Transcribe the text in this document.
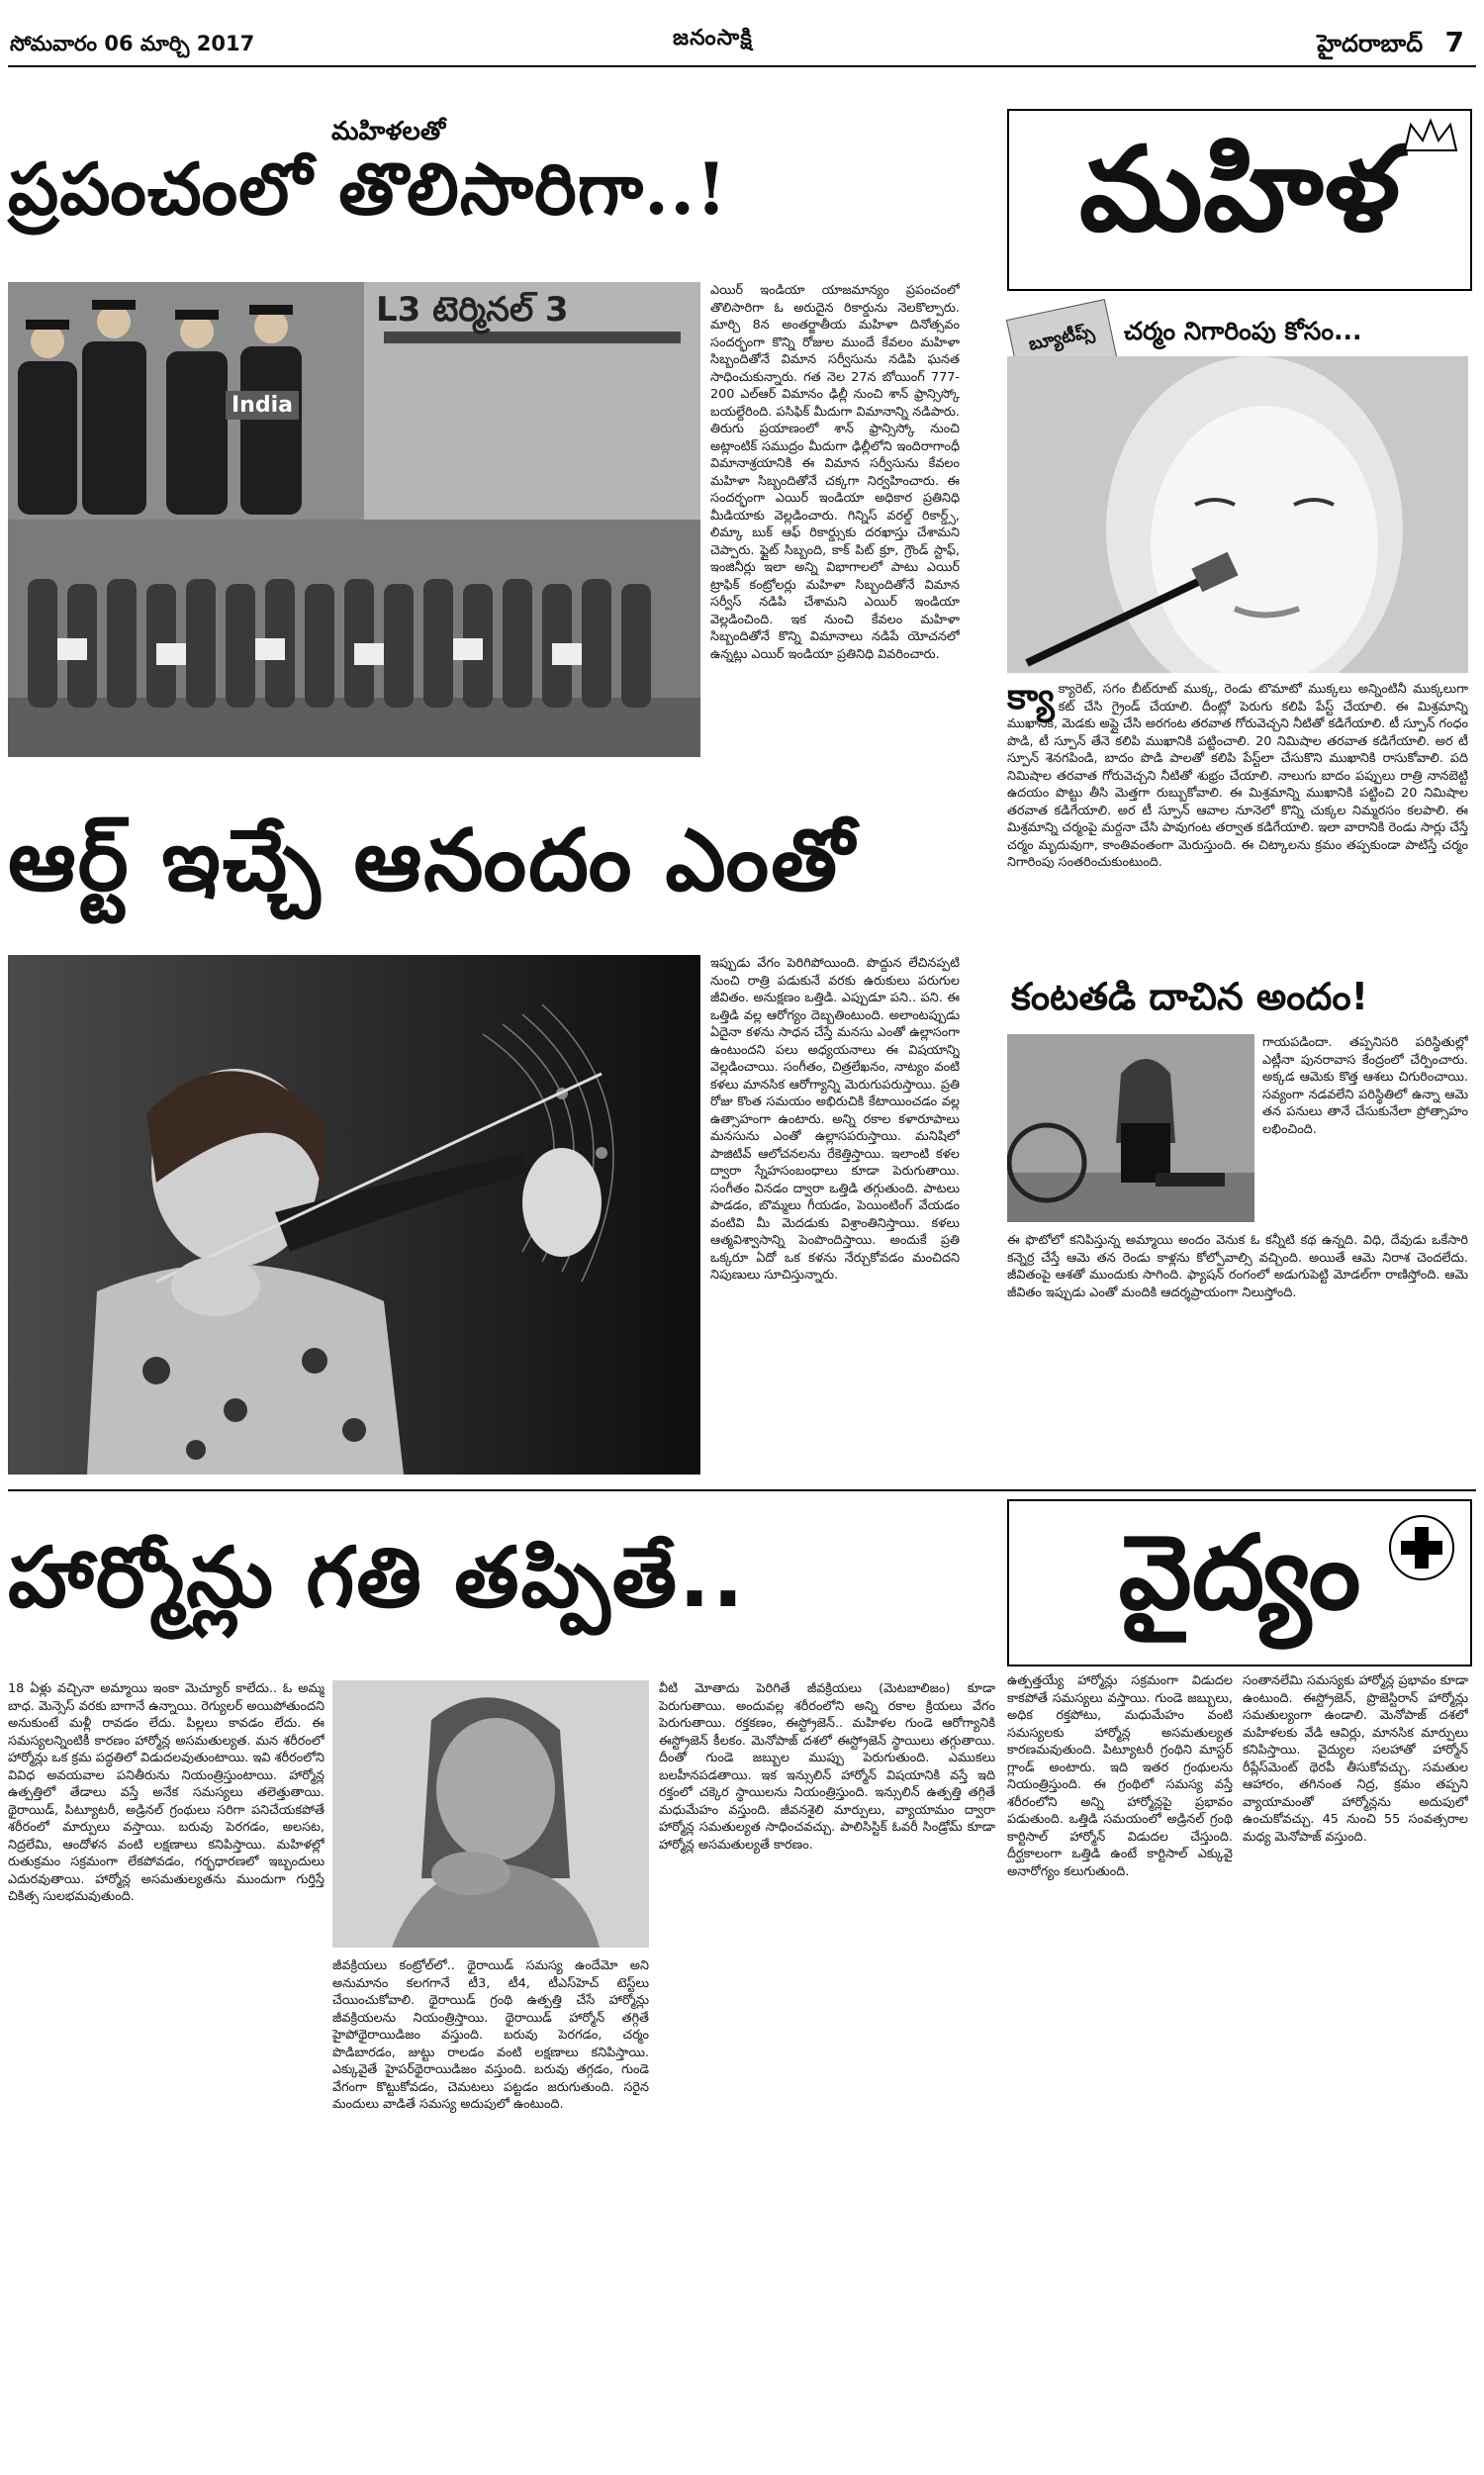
సోమవారం 06 మార్చి 2017	జనంసాక్షి	హైదరాబాద్ 7
మహిళలతో
ప్రపంచంలో తొలిసారిగా..!
L3 టెర్మినల్ 3
India
ఎయిర్ ఇండియా యాజమాన్యం ప్రపంచంలో తొలిసారిగా ఓ అరుదైన రికార్డును నెలకొల్పారు. మార్చి 8న అంతర్జాతీయ మహిళా దినోత్సవం సందర్భంగా కొన్ని రోజుల ముందే కేవలం మహిళా సిబ్బందితోనే విమాన సర్వీసును నడిపి ఘనత సాధించుకున్నారు. గత నెల 27న బోయింగ్ 777-200 ఎల్ఆర్ విమానం ఢిల్లీ నుంచి శాన్ ఫ్రాన్సిస్కో బయల్దేరింది. పసిఫిక్ మీదుగా విమానాన్ని నడిపారు. తిరుగు ప్రయాణంలో శాన్ ఫ్రాన్సిస్కో నుంచి అట్లాంటిక్ సముద్రం మీదుగా ఢిల్లీలోని ఇందిరాగాంధీ విమానాశ్రయానికి ఈ విమాన సర్వీసును కేవలం మహిళా సిబ్బందితోనే చక్కగా నిర్వహించారు. ఈ సందర్భంగా ఎయిర్ ఇండియా అధికార ప్రతినిధి మీడియాకు వెల్లడించారు. గిన్నిస్ వరల్డ్ రికార్డ్స్, లిమ్కా బుక్ ఆఫ్ రికార్డ్సుకు దరఖాస్తు చేశామని చెప్పారు. ఫ్లైట్ సిబ్బంది, కాక్ పిట్ క్రూ, గ్రౌండ్ స్టాఫ్, ఇంజినీర్లు ఇలా అన్ని విభాగాలలో పాటు ఎయిర్ ట్రాఫిక్ కంట్రోలర్లు మహిళా సిబ్బందితోనే విమాన సర్వీస్ నడిపి చేశామని ఎయిర్ ఇండియా వెల్లడించింది. ఇక నుంచి కేవలం మహిళా సిబ్బందితోనే కొన్ని విమానాలు నడిపే యోచనలో ఉన్నట్లు ఎయిర్ ఇండియా ప్రతినిధి వివరించారు.
మహిళ
బ్యూటీప్స్	చర్మం నిగారింపు కోసం...
క్యా క్యారెట్, సగం బీట్‌రూట్ ముక్క, రెండు టొమాటో ముక్కలు అన్నింటినీ ముక్కలుగా కట్ చేసి గ్రైండ్ చేయాలి. దీంట్లో పెరుగు కలిపి పేస్ట్ చేయాలి. ఈ మిశ్రమాన్ని ముఖానికి, మెడకు అప్లై చేసి అరగంట తరవాత గోరువెచ్చని నీటితో కడిగేయాలి. టీ స్పూన్ గంధం పొడి, టీ స్పూన్ తేనె కలిపి ముఖానికి పట్టించాలి. 20 నిమిషాల తరవాత కడిగేయాలి. అర టీ స్పూన్ శెనగపిండి, బాదం పొడి పాలతో కలిపి పేస్ట్‌లా చేసుకొని ముఖానికి రాసుకోవాలి. పది నిమిషాల తరవాత గోరువెచ్చని నీటితో శుభ్రం చేయాలి. నాలుగు బాదం పప్పులు రాత్రి నానబెట్టి ఉదయం పొట్టు తీసి మెత్తగా రుబ్బుకోవాలి. ఈ మిశ్రమాన్ని ముఖానికి పట్టించి 20 నిమిషాల తరవాత కడిగేయాలి. అర టీ స్పూన్ ఆవాల నూనెలో కొన్ని చుక్కల నిమ్మరసం కలపాలి. ఈ మిశ్రమాన్ని చర్మంపై మర్దనా చేసి పావుగంట తర్వాత కడిగేయాలి. ఇలా వారానికి రెండు సార్లు చేస్తే చర్మం మృదువుగా, కాంతివంతంగా మెరుస్తుంది. ఈ చిట్కాలను క్రమం తప్పకుండా పాటిస్తే చర్మం నిగారింపు సంతరించుకుంటుంది.
ఆర్ట్ ఇచ్చే ఆనందం ఎంతో
ఇప్పుడు వేగం పెరిగిపోయింది. పొద్దున లేచినప్పటి నుంచి రాత్రి పడుకునే వరకు ఉరుకులు పరుగుల జీవితం. అనుక్షణం ఒత్తిడి. ఎప్పుడూ పని.. పని. ఈ ఒత్తిడి వల్ల ఆరోగ్యం దెబ్బతింటుంది. అలాంటప్పుడు ఏదైనా కళను సాధన చేస్తే మనసు ఎంతో ఉల్లాసంగా ఉంటుందని పలు అధ్యయనాలు ఈ విషయాన్ని వెల్లడించాయి. సంగీతం, చిత్రలేఖనం, నాట్యం వంటి కళలు మానసిక ఆరోగ్యాన్ని మెరుగుపరుస్తాయి. ప్రతి రోజు కొంత సమయం అభిరుచికి కేటాయించడం వల్ల ఉత్సాహంగా ఉంటారు. అన్ని రకాల కళారూపాలు మనసును ఎంతో ఉల్లాసపరుస్తాయి. మనిషిలో పాజిటివ్ ఆలోచనలను రేకెత్తిస్తాయి. ఇలాంటి కళల ద్వారా స్నేహసంబంధాలు కూడా పెరుగుతాయి. సంగీతం వినడం ద్వారా ఒత్తిడి తగ్గుతుంది. పాటలు పాడడం, బొమ్మలు గీయడం, పెయింటింగ్ వేయడం వంటివి మీ మెదడుకు విశ్రాంతినిస్తాయి. కళలు ఆత్మవిశ్వాసాన్ని పెంపొందిస్తాయి. అందుకే ప్రతి ఒక్కరూ ఏదో ఒక కళను నేర్చుకోవడం మంచిదని నిపుణులు సూచిస్తున్నారు.
కంటతడి దాచిన అందం!
గాయపడిందా. తప్పనిసరి పరిస్థితుల్లో ఎట్లీనా పునరావాస కేంద్రంలో చేర్పించారు. అక్కడ ఆమెకు కొత్త ఆశలు చిగురించాయి. సవ్యంగా నడవలేని పరిస్థితిలో ఉన్నా ఆమె తన పనులు తానే చేసుకునేలా ప్రోత్సాహం లభించింది.
ఈ ఫొటోలో కనిపిస్తున్న అమ్మాయి అందం వెనుక ఓ కన్నీటి కథ ఉన్నది. విధి, దేవుడు ఒకేసారి కన్నెర్ర చేస్తే ఆమె తన రెండు కాళ్లను కోల్పోవాల్సి వచ్చింది. అయితే ఆమె నిరాశ చెందలేదు. జీవితంపై ఆశతో ముందుకు సాగింది. ఫ్యాషన్ రంగంలో అడుగుపెట్టి మోడల్‌గా రాణిస్తోంది. ఆమె జీవితం ఇప్పుడు ఎంతో మందికి ఆదర్శప్రాయంగా నిలుస్తోంది.
హార్మోన్లు గతి తప్పితే..	వైద్యం
18 ఏళ్లు వచ్చినా అమ్మాయి ఇంకా మెచ్యూర్ కాలేదు.. ఓ అమ్మ బాధ. మెన్సెస్ వరకు బాగానే ఉన్నాయి. రెగ్యులర్ అయిపోతుందని అనుకుంటే మళ్లీ రావడం లేదు. పిల్లలు కావడం లేదు. ఈ సమస్యలన్నింటికీ కారణం హార్మోన్ల అసమతుల్యత. మన శరీరంలో హార్మోన్లు ఒక క్రమ పద్ధతిలో విడుదలవుతుంటాయి. ఇవి శరీరంలోని వివిధ అవయవాల పనితీరును నియంత్రిస్తుంటాయి. హార్మోన్ల ఉత్పత్తిలో తేడాలు వస్తే అనేక సమస్యలు తలెత్తుతాయి. థైరాయిడ్, పిట్యూటరీ, అడ్రినల్ గ్రంథులు సరిగా పనిచేయకపోతే శరీరంలో మార్పులు వస్తాయి. బరువు పెరగడం, అలసట, నిద్రలేమి, ఆందోళన వంటి లక్షణాలు కనిపిస్తాయి. మహిళల్లో రుతుక్రమం సక్రమంగా లేకపోవడం, గర్భధారణలో ఇబ్బందులు ఎదురవుతాయి. హార్మోన్ల అసమతుల్యతను ముందుగా గుర్తిస్తే చికిత్స సులభమవుతుంది.
జీవక్రియలు కంట్రోల్‌లో.. థైరాయిడ్ సమస్య ఉందేమో అని అనుమానం కలగగానే టీ3, టీ4, టీఎస్‌హెచ్ టెస్ట్‌లు చేయించుకోవాలి. థైరాయిడ్ గ్రంథి ఉత్పత్తి చేసే హార్మోన్లు జీవక్రియలను నియంత్రిస్తాయి. థైరాయిడ్ హార్మోన్ తగ్గితే హైపోథైరాయిడిజం వస్తుంది. బరువు పెరగడం, చర్మం పొడిబారడం, జుట్టు రాలడం వంటి లక్షణాలు కనిపిస్తాయి. ఎక్కువైతే హైపర్‌థైరాయిడిజం వస్తుంది. బరువు తగ్గడం, గుండె వేగంగా కొట్టుకోవడం, చెమటలు పట్టడం జరుగుతుంది. సరైన మందులు వాడితే సమస్య అదుపులో ఉంటుంది.
వీటి మోతాదు పెరిగితే జీవక్రియలు (మెటబాలిజం) కూడా పెరుగుతాయి. అందువల్ల శరీరంలోని అన్ని రకాల క్రియలు వేగం పెరుగుతాయి. రక్తకణం, ఈస్ట్రోజెన్.. మహిళల గుండె ఆరోగ్యానికి ఈస్ట్రోజెన్ కీలకం. మెనోపాజ్ దశలో ఈస్ట్రోజెన్ స్థాయిలు తగ్గుతాయి. దీంతో గుండె జబ్బుల ముప్పు పెరుగుతుంది. ఎముకలు బలహీనపడతాయి. ఇక ఇన్సులిన్ హార్మోన్ విషయానికి వస్తే ఇది రక్తంలో చక్కెర స్థాయిలను నియంత్రిస్తుంది. ఇన్సులిన్ ఉత్పత్తి తగ్గితే మధుమేహం వస్తుంది. జీవనశైలి మార్పులు, వ్యాయామం ద్వారా హార్మోన్ల సమతుల్యత సాధించవచ్చు. పాలిసిస్టిక్ ఓవరీ సిండ్రోమ్ కూడా హార్మోన్ల అసమతుల్యతే కారణం.
ఉత్పత్తయ్యే హార్మోన్లు సక్రమంగా విడుదల కాకపోతే సమస్యలు వస్తాయి. గుండె జబ్బులు, అధిక రక్తపోటు, మధుమేహం వంటి సమస్యలకు హార్మోన్ల అసమతుల్యత కారణమవుతుంది. పిట్యూటరీ గ్రంథిని మాస్టర్ గ్లాండ్ అంటారు. ఇది ఇతర గ్రంథులను నియంత్రిస్తుంది. ఈ గ్రంథిలో సమస్య వస్తే శరీరంలోని అన్ని హార్మోన్లపై ప్రభావం పడుతుంది. ఒత్తిడి సమయంలో అడ్రినల్ గ్రంథి కార్టిసాల్ హార్మోన్ విడుదల చేస్తుంది. దీర్ఘకాలంగా ఒత్తిడి ఉంటే కార్టిసాల్ ఎక్కువై అనారోగ్యం కలుగుతుంది.
సంతానలేమి సమస్యకు హార్మోన్ల ప్రభావం కూడా ఉంటుంది. ఈస్ట్రోజెన్, ప్రొజెస్టిరాన్ హార్మోన్లు సమతుల్యంగా ఉండాలి. మెనోపాజ్ దశలో మహిళలకు వేడి ఆవిర్లు, మానసిక మార్పులు కనిపిస్తాయి. వైద్యుల సలహాతో హార్మోన్ రీప్లేస్‌మెంట్ థెరపీ తీసుకోవచ్చు. సమతుల ఆహారం, తగినంత నిద్ర, క్రమం తప్పని వ్యాయామంతో హార్మోన్లను అదుపులో ఉంచుకోవచ్చు. 45 నుంచి 55 సంవత్సరాల మధ్య మెనోపాజ్ వస్తుంది.
